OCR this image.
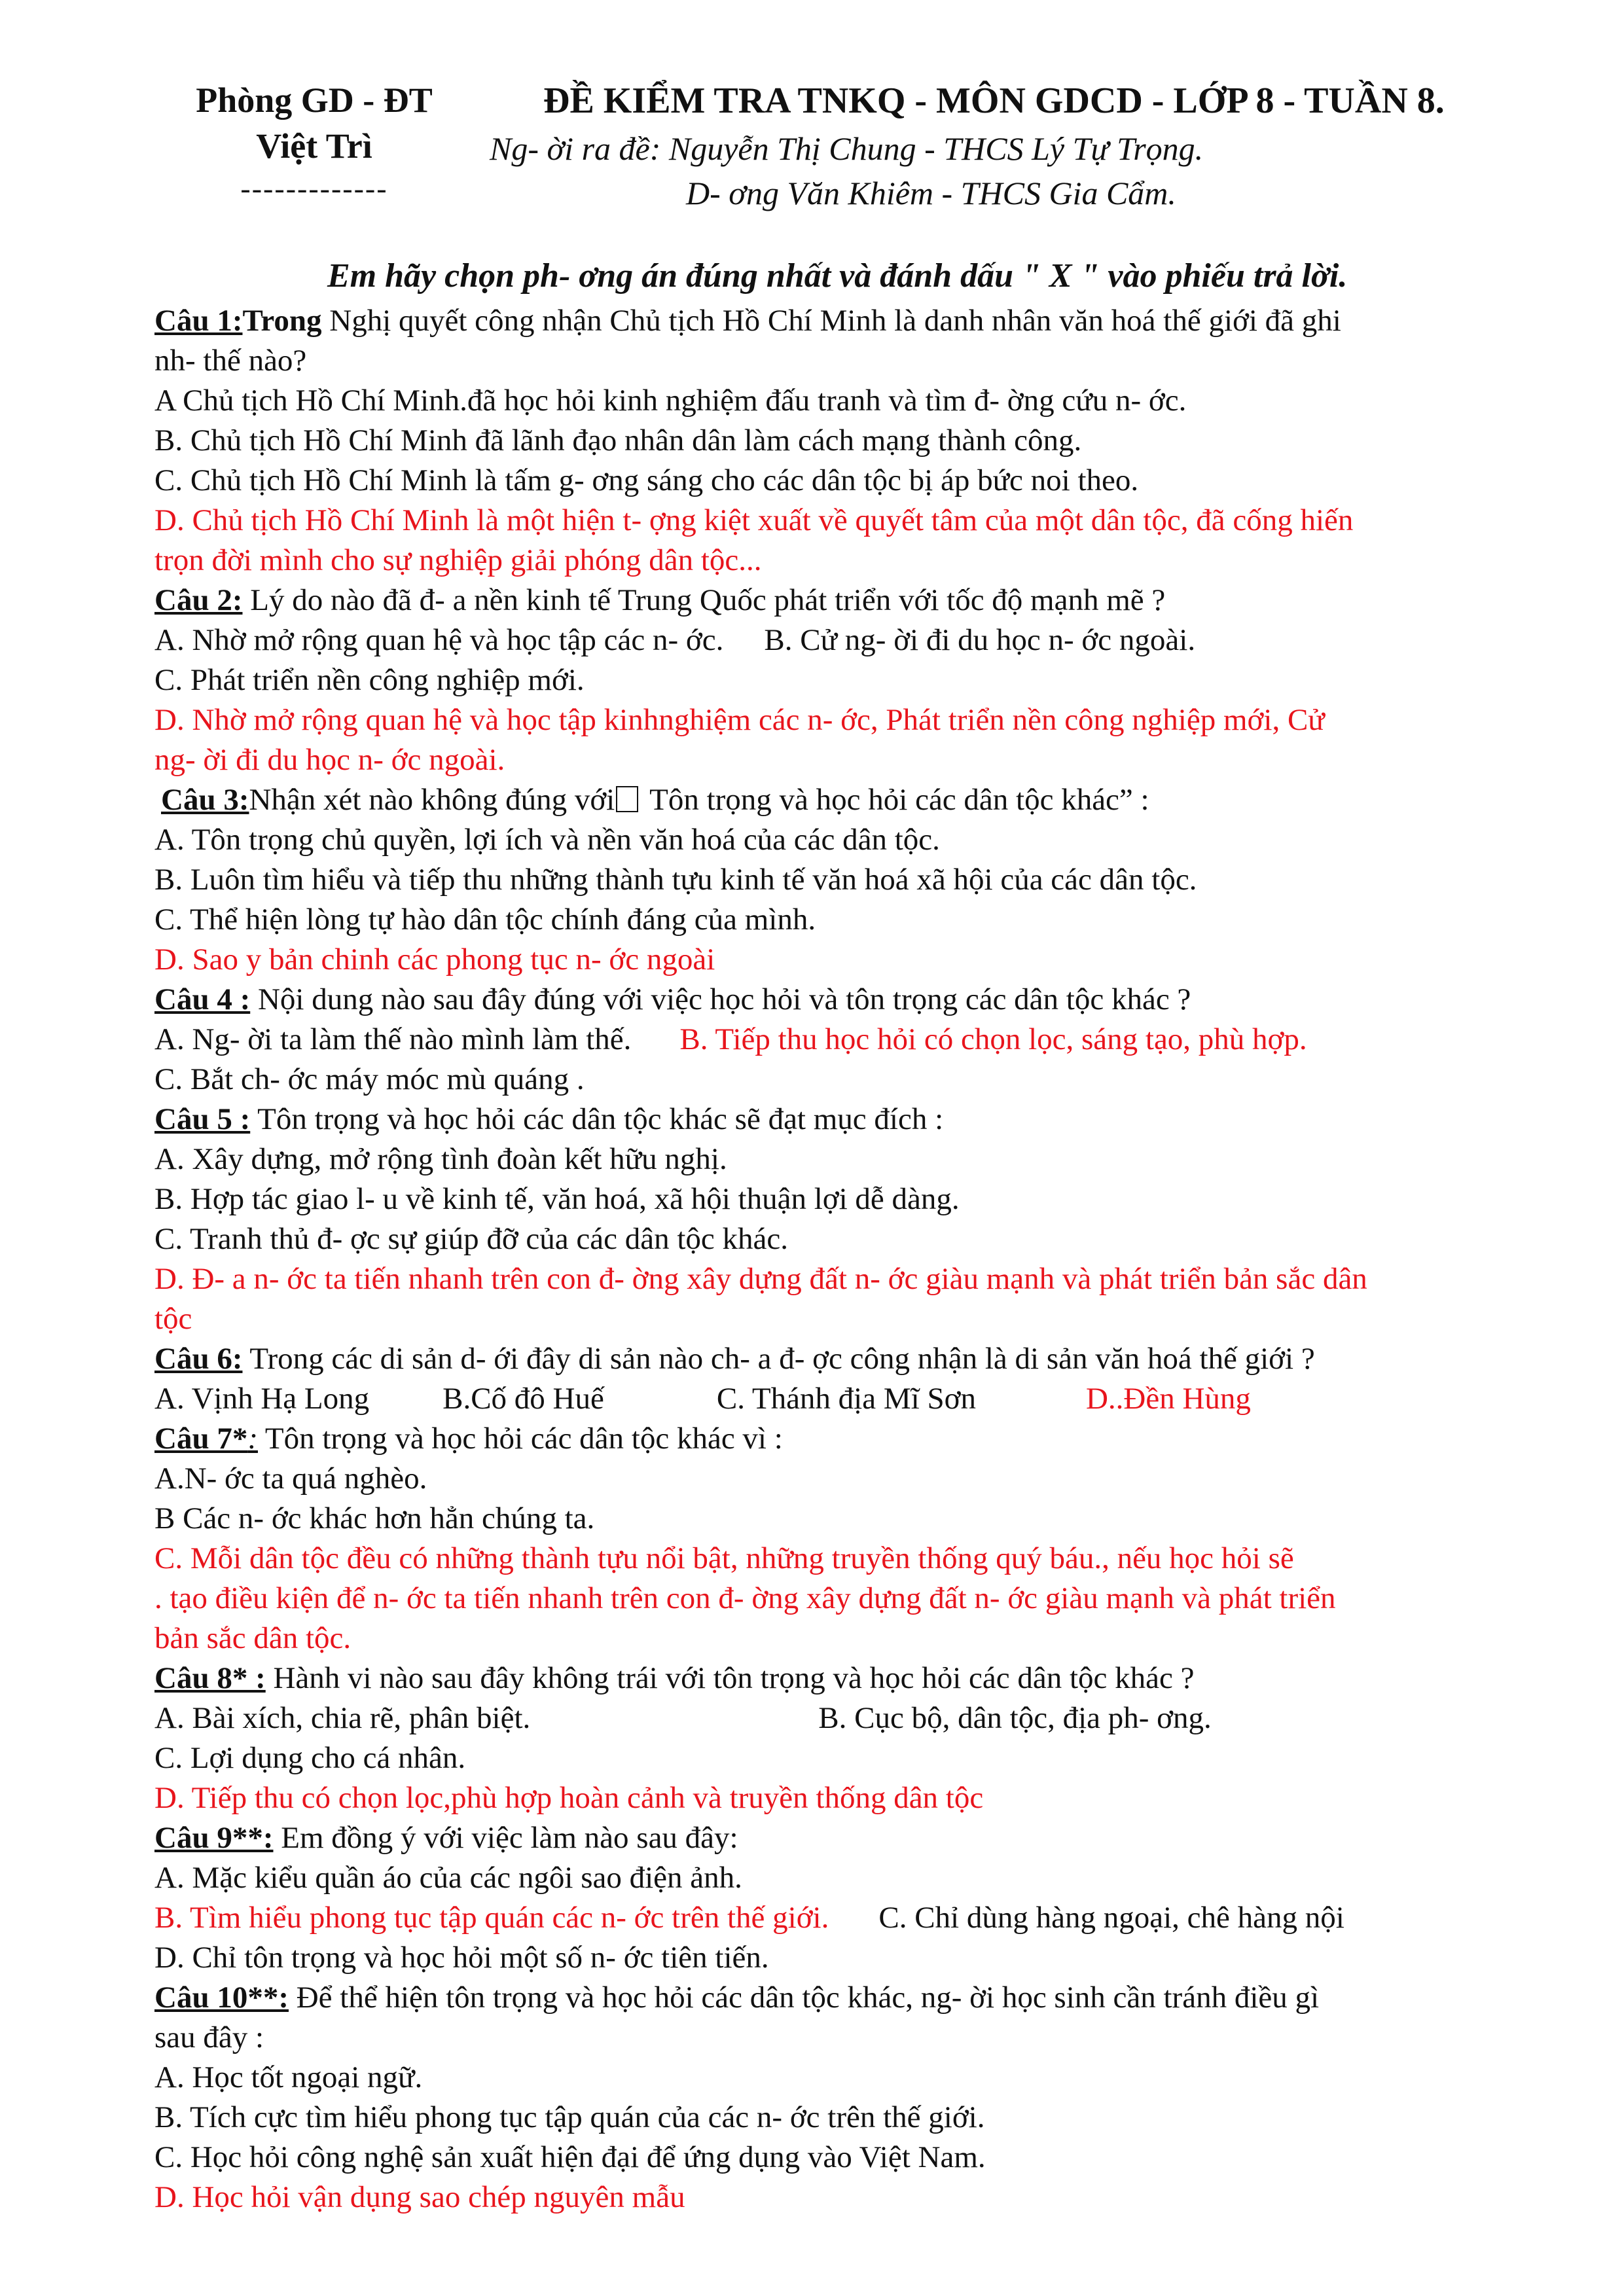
Phòng GD - ĐT
Việt Trì
-------------
ĐỀ KIỂM TRA TNKQ - MÔN GDCD - LỚP 8 - TUẦN 8.
Ng- ời ra đề: Nguyễn Thị Chung - THCS Lý Tự Trọng.
D- ơng Văn Khiêm - THCS Gia Cẩm.
Em hãy chọn ph- ơng án đúng nhất và đánh dấu " X " vào phiếu trả lời.
Câu 1:Trong Nghị quyết công nhận Chủ tịch Hồ Chí Minh là danh nhân văn hoá thế giới đã ghi
nh- thế nào?
A Chủ tịch Hồ Chí Minh.đã học hỏi kinh nghiệm đấu tranh và tìm đ- ờng cứu n- ớc.
B. Chủ tịch Hồ Chí Minh đã lãnh đạo nhân dân làm cách mạng thành công.
C. Chủ tịch Hồ Chí Minh là tấm g- ơng sáng cho các dân tộc bị áp bức noi theo.
D. Chủ tịch Hồ Chí Minh là một hiện t- ợng kiệt xuất về quyết tâm của một dân tộc, đã cống hiến
trọn đời mình cho sự nghiệp giải phóng dân tộc...
Câu 2: Lý do nào đã đ- a nền kinh tế Trung Quốc phát triển với tốc độ mạnh mẽ ?
A. Nhờ mở rộng quan hệ và học tập các n- ớc. B. Cử ng- ời đi du học n- ớc ngoài.
C. Phát triển nền công nghiệp mới.
D. Nhờ mở rộng quan hệ và học tập kinhnghiệm các n- ớc, Phát triển nền công nghiệp mới, Cử
ng- ời đi du học n- ớc ngoài.
Câu 3:Nhận xét nào không đúng với Tôn trọng và học hỏi các dân tộc khác” :
A. Tôn trọng chủ quyền, lợi ích và nền văn hoá của các dân tộc.
B. Luôn tìm hiểu và tiếp thu những thành tựu kinh tế văn hoá xã hội của các dân tộc.
C. Thể hiện lòng tự hào dân tộc chính đáng của mình.
D. Sao y bản chinh các phong tục n- ớc ngoài
Câu 4 : Nội dung nào sau đây đúng với việc học hỏi và tôn trọng các dân tộc khác ?
A. Ng- ời ta làm thế nào mình làm thế. B. Tiếp thu học hỏi có chọn lọc, sáng tạo, phù hợp.
C. Bắt ch- ớc máy móc mù quáng .
Câu 5 : Tôn trọng và học hỏi các dân tộc khác sẽ đạt mục đích :
A. Xây dựng, mở rộng tình đoàn kết hữu nghị.
B. Hợp tác giao l- u về kinh tế, văn hoá, xã hội thuận lợi dễ dàng.
C. Tranh thủ đ- ợc sự giúp đỡ của các dân tộc khác.
D. Đ- a n- ớc ta tiến nhanh trên con đ- ờng xây dựng đất n- ớc giàu mạnh và phát triển bản sắc dân
tộc
Câu 6: Trong các di sản d- ới đây di sản nào ch- a đ- ợc công nhận là di sản văn hoá thế giới ?
A. Vịnh Hạ Long B.Cố đô Huế	C. Thánh địa Mĩ Sơn	D..Đền Hùng
Câu 7*: Tôn trọng và học hỏi các dân tộc khác vì :
A.N- ớc ta quá nghèo.
B Các n- ớc khác hơn hẳn chúng ta.
C. Mỗi dân tộc đều có những thành tựu nổi bật, những truyền thống quý báu., nếu học hỏi sẽ
. tạo điều kiện để n- ớc ta tiến nhanh trên con đ- ờng xây dựng đất n- ớc giàu mạnh và phát triển
bản sắc dân tộc.
Câu 8* : Hành vi nào sau đây không trái với tôn trọng và học hỏi các dân tộc khác ?
A. Bài xích, chia rẽ, phân biệt.	B. Cục bộ, dân tộc, địa ph- ơng.
C. Lợi dụng cho cá nhân.
D. Tiếp thu có chọn lọc,phù hợp hoàn cảnh và truyền thống dân tộc
Câu 9**: Em đồng ý với việc làm nào sau đây:
A. Mặc kiểu quần áo của các ngôi sao điện ảnh.
B. Tìm hiểu phong tục tập quán các n- ớc trên thế giới. C. Chỉ dùng hàng ngoại, chê hàng nội
D. Chỉ tôn trọng và học hỏi một số n- ớc tiên tiến.
Câu 10**: Để thể hiện tôn trọng và học hỏi các dân tộc khác, ng- ời học sinh cần tránh điều gì
sau đây :
A. Học tốt ngoại ngữ.
B. Tích cực tìm hiểu phong tục tập quán của các n- ớc trên thế giới.
C. Học hỏi công nghệ sản xuất hiện đại để ứng dụng vào Việt Nam.
D. Học hỏi vận dụng sao chép nguyên mẫu
